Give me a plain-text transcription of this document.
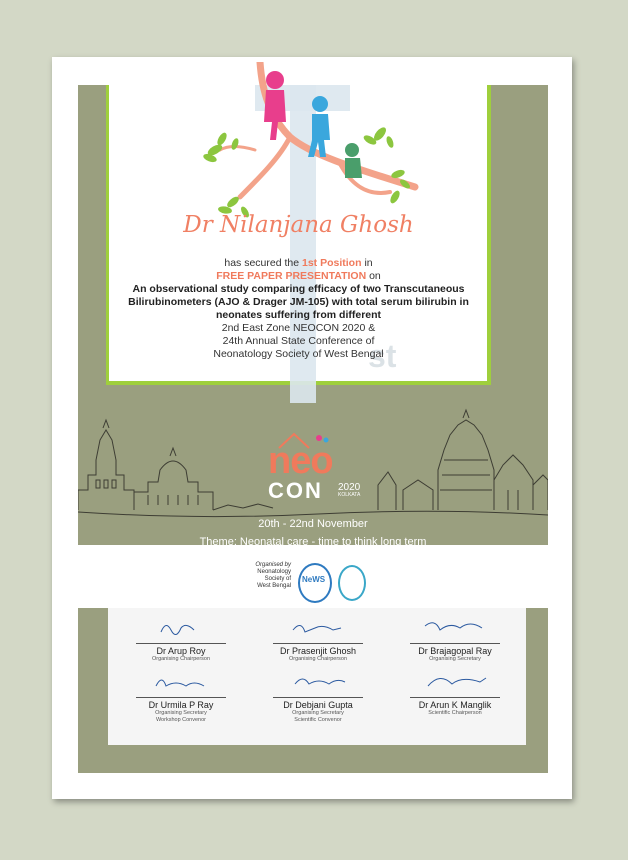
st
Dr Nilanjana Ghosh
has secured the 1st Position in
FREE PAPER PRESENTATION on
An observational study comparing efficacy of two Transcutaneous
Bilirubinometers (AJO & Drager JM-105) with total serum bilirubin in
neonates suffering from different
2nd East Zone NEOCON 2020 &
24th Annual State Conference of
Neonatology Society of West Bengal
neo
CON 2020
KOLKATA
20th - 22nd November
Theme: Neonatal care - time to think long term
Organised by
Neonatology
Society of
West Bengal
NeWS
Dr Arup Roy
Organising Chairperson
Dr Prasenjit Ghosh
Organising Chairperson
Dr Brajagopal Ray
Organising Secretary
Dr Urmila P Ray
Organising Secretary
Workshop Convenor
Dr Debjani Gupta
Organising Secretary
Scientific Convenor
Dr Arun K Manglik
Scientific Chairperson
